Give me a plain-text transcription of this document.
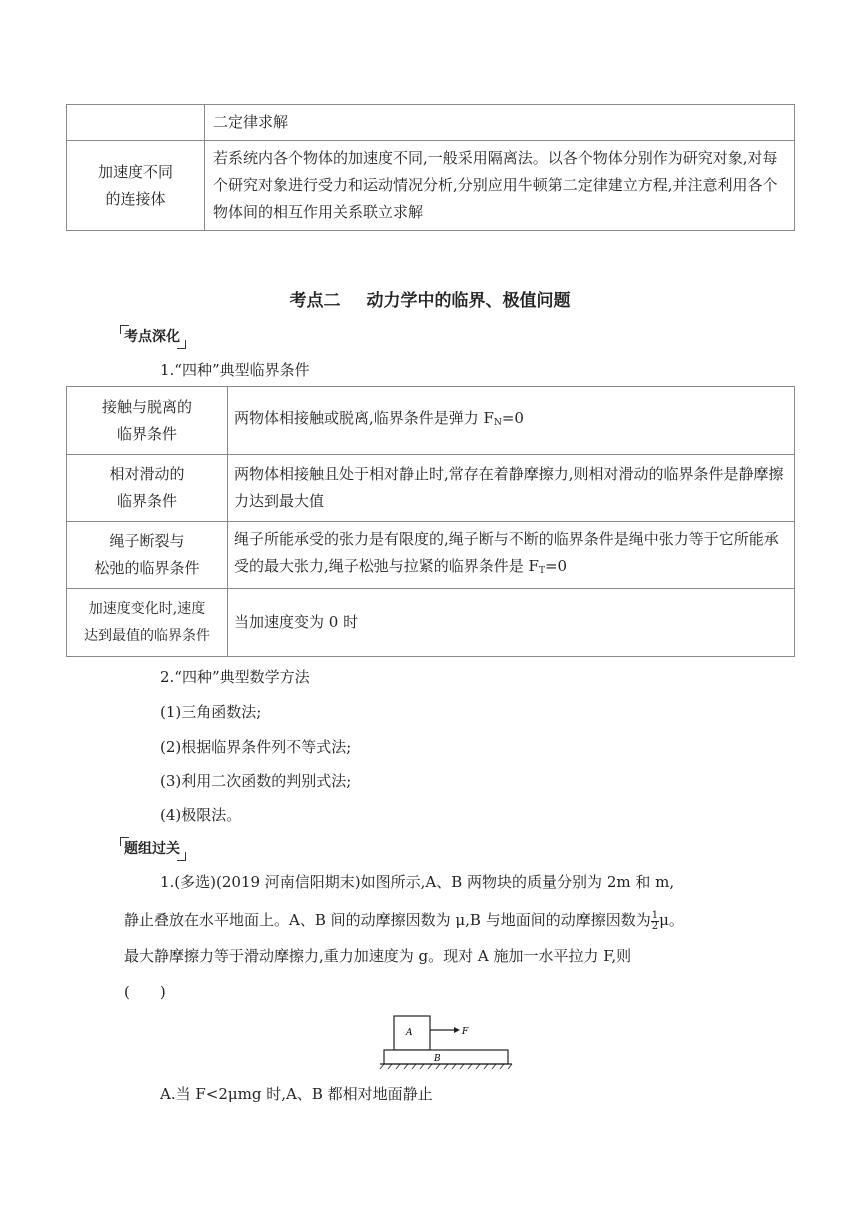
	二定律求解

加速度不同
的连接体	若系统内各个物体的加速度不同,一般采用隔离法。以各个物体分别作为研究对象,对每个研究对象进行受力和运动情况分析,分别应用牛顿第二定律建立方程,并注意利用各个物体间的相互作用关系联立求解
考点二 动力学中的临界、极值问题
考点深化
1.“四种”典型临界条件
接触与脱离的
临界条件	两物体相接触或脱离,临界条件是弹力 $F_N=0$

相对滑动的
临界条件	两物体相接触且处于相对静止时,常存在着静摩擦力,则相对滑动的临界条件是静摩擦力达到最大值

绳子断裂与
松弛的临界条件	绳子所能承受的张力是有限度的,绳子断与不断的临界条件是绳中张力等于它所能承受的最大张力,绳子松弛与拉紧的临界条件是 $F_T=0$

加速度变化时,速度
达到最值的临界条件	当加速度变为 0 时
2.“四种”典型数学方法
(1)三角函数法;
(2)根据临界条件列不等式法;
(3)利用二次函数的判别式法;
(4)极限法。
题组过关
1.(多选)(2019 河南信阳期末)如图所示,A、B 两物块的质量分别为 2m 和 m,
静止叠放在水平地面上。A、B 间的动摩擦因数为 μ,B 与地面间的动摩擦因数为 $\frac{1}{2}$ μ。
最大静摩擦力等于滑动摩擦力,重力加速度为 g。现对 A 施加一水平拉力 F,则
(　　)
A
B
F
A.当 F<2μmg 时,A、B 都相对地面静止
